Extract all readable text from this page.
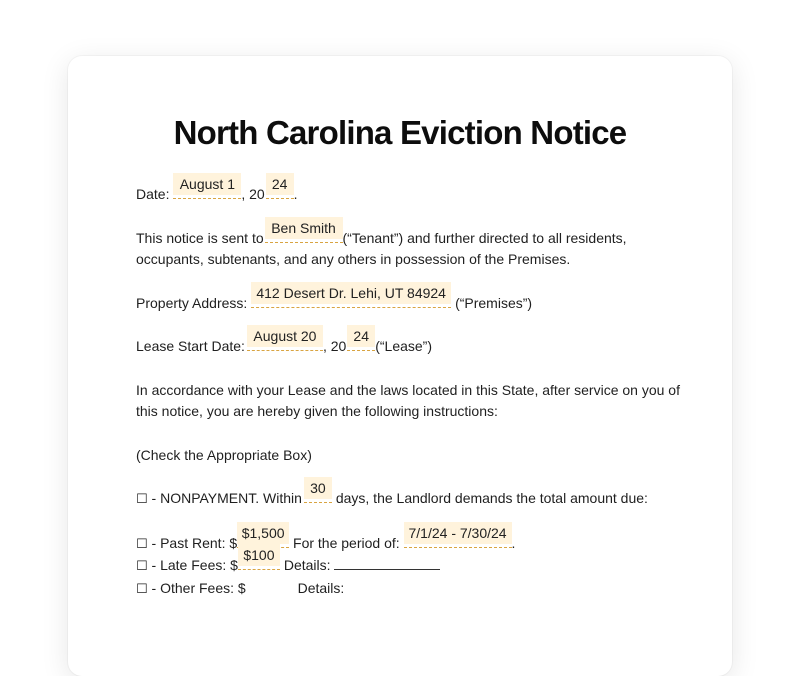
North Carolina Eviction Notice

Date:
August 1
, 20
24
.

This notice is sent to
Ben Smith
(“Tenant”) and further directed to all residents,
occupants, subtenants, and any others in possession of the Premises.

Property Address:
412 Desert Dr. Lehi, UT 84924
(“Premises”)

Lease Start Date:
August 20
, 20
24
(“Lease”)

In accordance with your Lease and the laws located in this State, after service on you of
this notice, you are hereby given the following instructions:

(Check the Appropriate Box)

☐ - NONPAYMENT. Within
30
days, the Landlord demands the total amount due:

☐ - Past Rent: $
$1,500
For the period of:
7/1/24 - 7/30/24
.

☐ - Late Fees: $
$100
Details:

☐ - Other Fees: $	Details:
